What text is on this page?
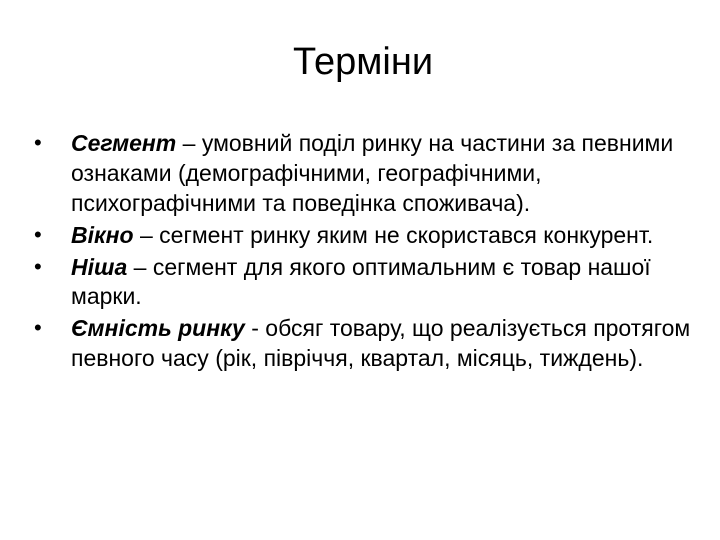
Терміни
•	Сегмент – умовний поділ ринку на частини за певними ознаками (демографічними, географічними, психографічними та поведінка споживача).
•	Вікно – сегмент ринку яким не скористався конкурент.
•	Ніша – сегмент для якого оптимальним є товар нашої марки.
•	Ємність ринку - обсяг товару, що реалізується протягом певного часу (рік, півріччя, квартал, місяць, тиждень).
